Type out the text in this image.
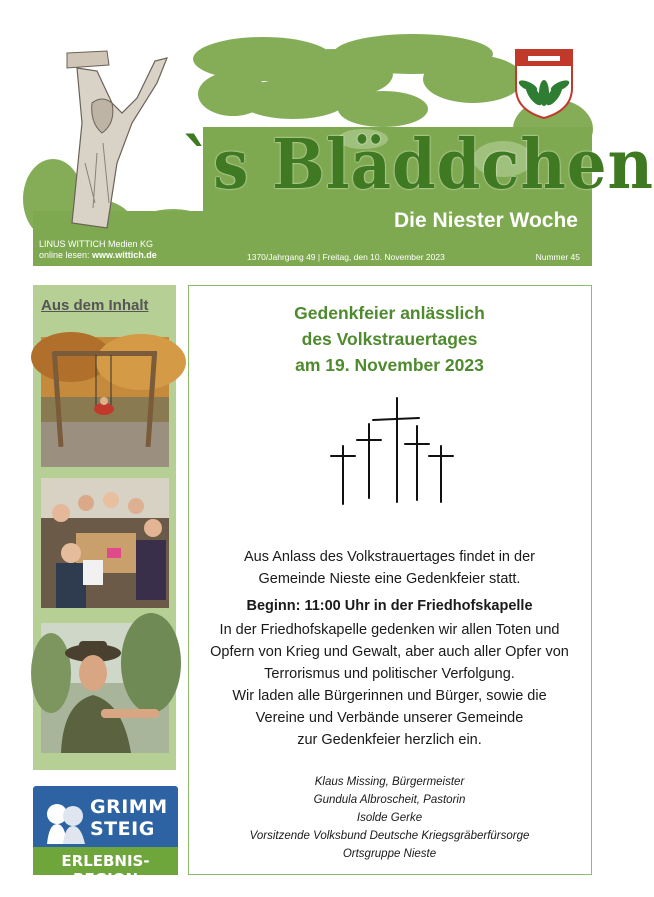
`s Bläddchen
Die Niester Woche
LINUS WITTICH Medien KG
online lesen: www.wittich.de	1370/Jahrgang 49 | Freitag, den 10. November 2023	Nummer 45
Aus dem Inhalt
GRIMM
STEIG
ERLEBNIS-REGION
Gedenkfeier anlässlich
des Volkstrauertages
am 19. November 2023
Aus Anlass des Volkstrauertages findet in der
Gemeinde Nieste eine Gedenkfeier statt.
Beginn: 11:00 Uhr in der Friedhofskapelle
In der Friedhofskapelle gedenken wir allen Toten und
Opfern von Krieg und Gewalt, aber auch aller Opfer von
Terrorismus und politischer Verfolgung.
Wir laden alle Bürgerinnen und Bürger, sowie die
Vereine und Verbände unserer Gemeinde
zur Gedenkfeier herzlich ein.
Klaus Missing, Bürgermeister
Gundula Albroscheit, Pastorin
Isolde Gerke
Vorsitzende Volksbund Deutsche Kriegsgräberfürsorge
Ortsgruppe Nieste
